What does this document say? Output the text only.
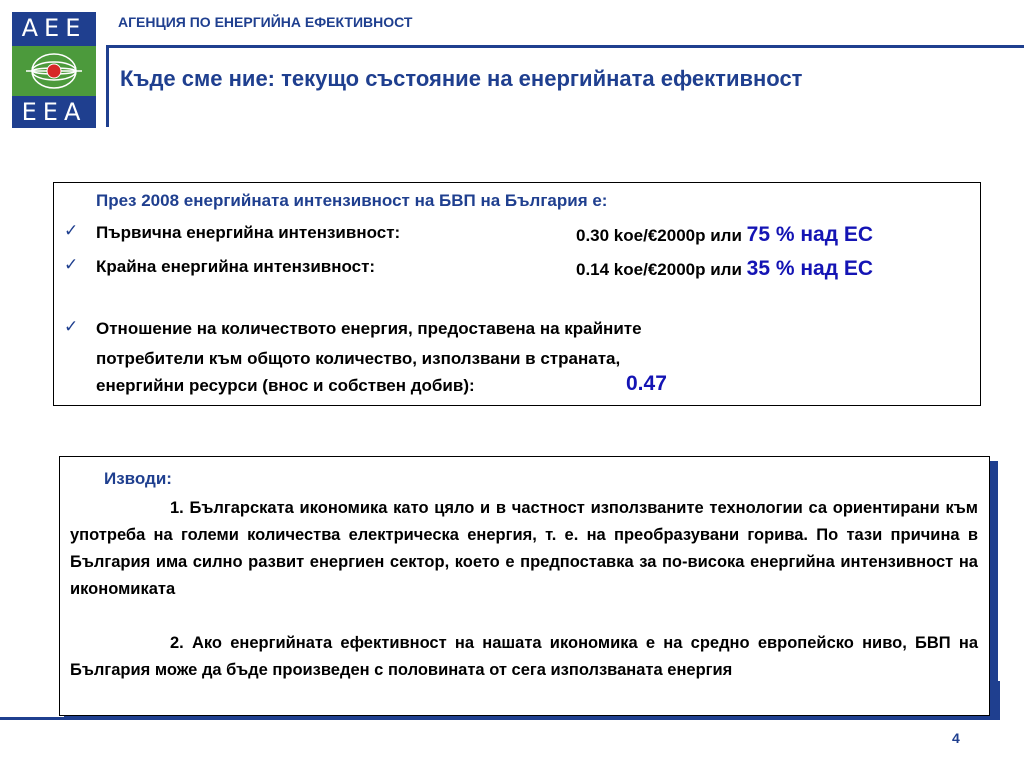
AEE
EEA
АГЕНЦИЯ ПО ЕНЕРГИЙНА ЕФЕКТИВНОСТ
Къде сме ние: текущо състояние на енергийната ефективност
През 2008 енергийната интензивност на БВП на България е:
✓ Първична енергийна интензивност:	0.30 koe/€2000p или 75 % над ЕС
✓ Крайна енергийна интензивност:	0.14 koe/€2000p или 35 % над ЕС
✓ Отношение на количеството енергия, предоставена на крайните
потребители към общото количество, използвани в страната,
енергийни ресурси (внос и собствен добив):	0.47
Изводи:
1. Българската икономика като цяло и в частност използваните технологии са ориентирани към употреба на големи количества електрическа енергия, т. е. на преобразувани горива. По тази причина в България има силно развит енергиен сектор, което е предпоставка за по-висока енергийна интензивност на икономиката
2. Ако енергийната ефективност на нашата икономика е на средно европейско ниво, БВП на България може да бъде произведен с половината от сега използваната енергия
4
